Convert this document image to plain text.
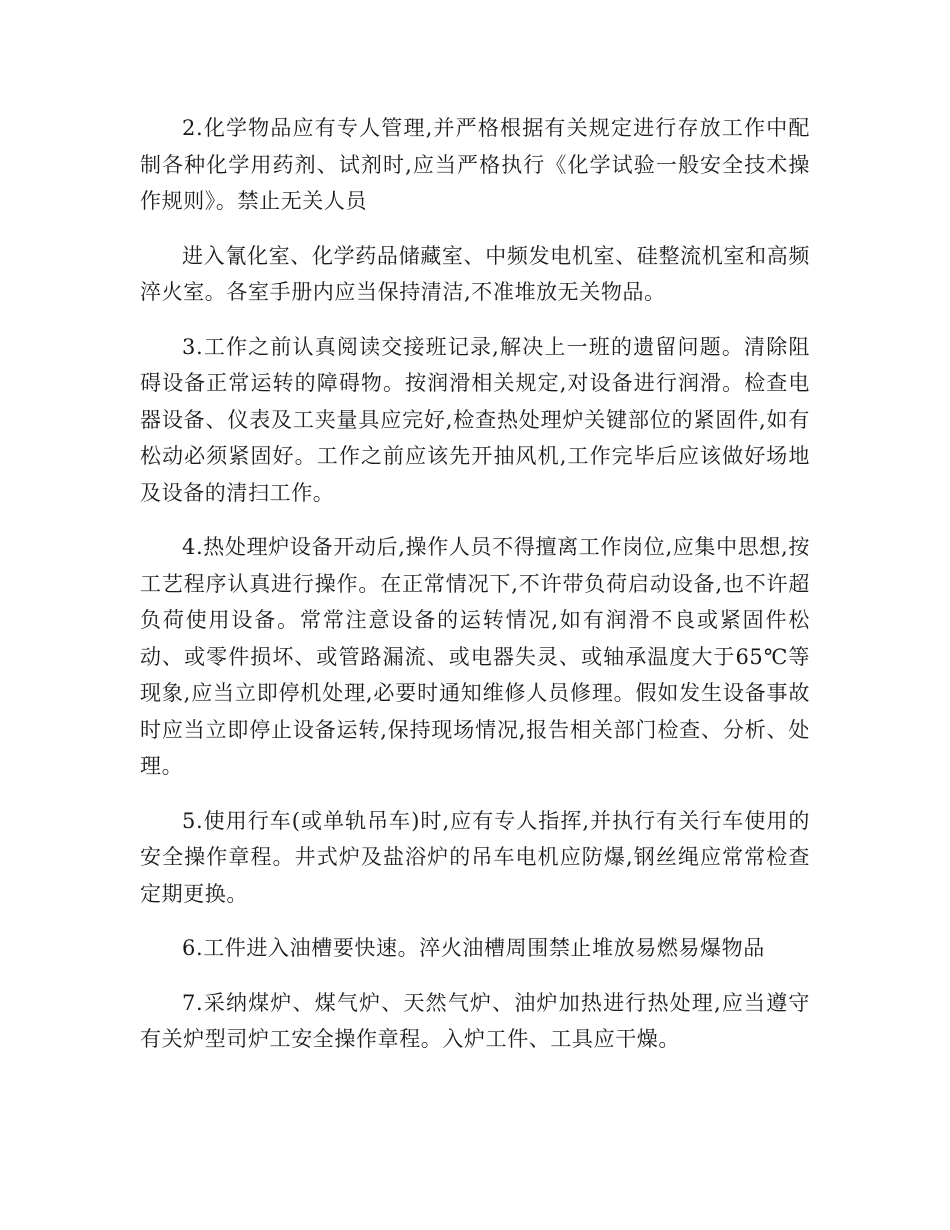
2.化学物品应有专人管理,并严格根据有关规定进行存放工作中配制各种化学用药剂、试剂时,应当严格执行《化学试验一般安全技术操作规则》。禁止无关人员

进入氰化室、化学药品储藏室、中频发电机室、硅整流机室和高频淬火室。各室手册内应当保持清洁,不准堆放无关物品。

3.工作之前认真阅读交接班记录,解决上一班的遗留问题。清除阻碍设备正常运转的障碍物。按润滑相关规定,对设备进行润滑。检查电器设备、仪表及工夹量具应完好,检查热处理炉关键部位的紧固件,如有松动必须紧固好。工作之前应该先开抽风机,工作完毕后应该做好场地及设备的清扫工作。

4.热处理炉设备开动后,操作人员不得擅离工作岗位,应集中思想,按工艺程序认真进行操作。在正常情况下,不许带负荷启动设备,也不许超负荷使用设备。常常注意设备的运转情况,如有润滑不良或紧固件松动、或零件损坏、或管路漏流、或电器失灵、或轴承温度大于65℃等现象,应当立即停机处理,必要时通知维修人员修理。假如发生设备事故时应当立即停止设备运转,保持现场情况,报告相关部门检查、分析、处理。

5.使用行车(或单轨吊车)时,应有专人指挥,并执行有关行车使用的安全操作章程。井式炉及盐浴炉的吊车电机应防爆,钢丝绳应常常检查定期更换。

6.工件进入油槽要快速。淬火油槽周围禁止堆放易燃易爆物品

7.采纳煤炉、煤气炉、天然气炉、油炉加热进行热处理,应当遵守有关炉型司炉工安全操作章程。入炉工件、工具应干燥。
